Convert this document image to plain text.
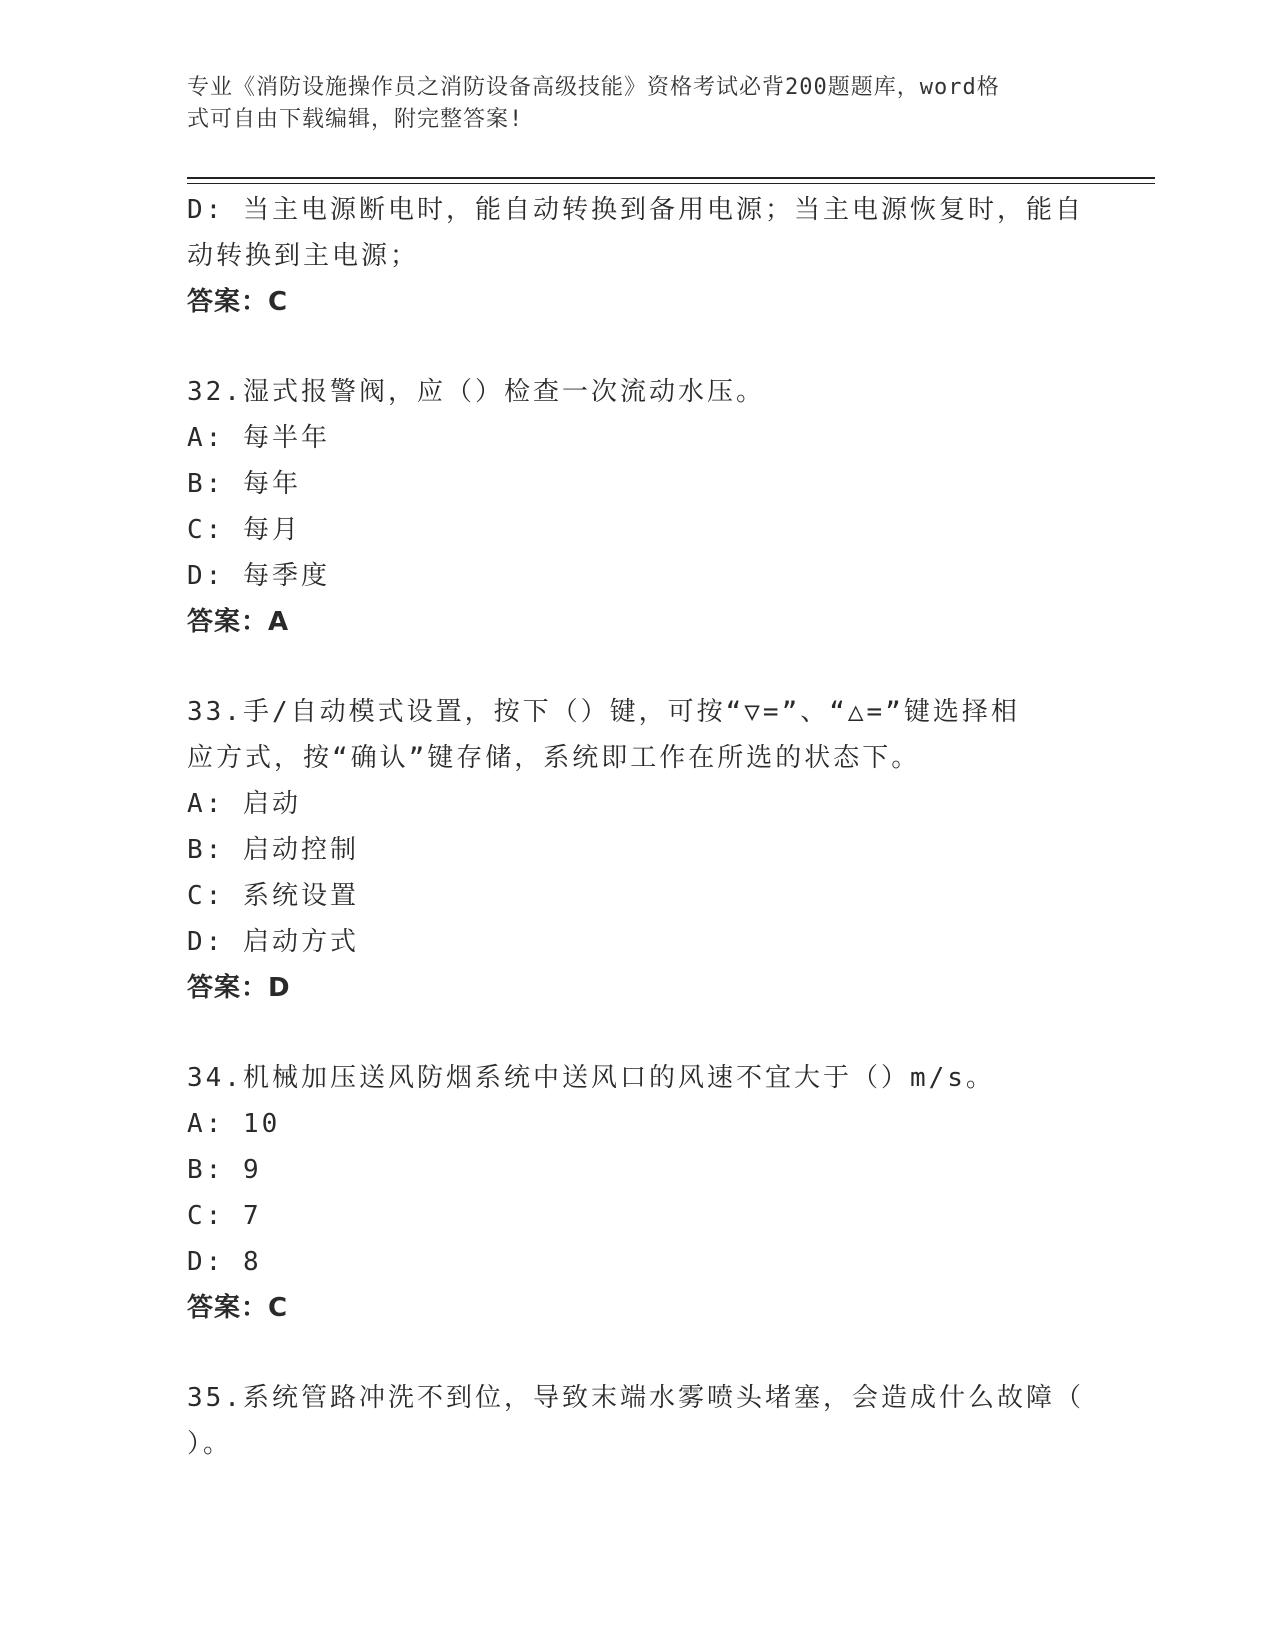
专业《消防设施操作员之消防设备高级技能》资格考试必背200题题库，word格
式可自由下载编辑，附完整答案!
D: 当主电源断电时，能自动转换到备用电源；当主电源恢复时，能自
动转换到主电源；
答案：C
32.湿式报警阀，应（）检查一次流动水压。
A: 每半年
B: 每年
C: 每月
D: 每季度
答案：A
33.手/自动模式设置，按下（）键，可按“▽=”、“△=”键选择相
应方式，按“确认”键存储，系统即工作在所选的状态下。
A: 启动
B: 启动控制
C: 系统设置
D: 启动方式
答案：D
34.机械加压送风防烟系统中送风口的风速不宜大于（）m/s。
A: 10
B: 9
C: 7
D: 8
答案：C
35.系统管路冲洗不到位，导致末端水雾喷头堵塞，会造成什么故障（
）。
